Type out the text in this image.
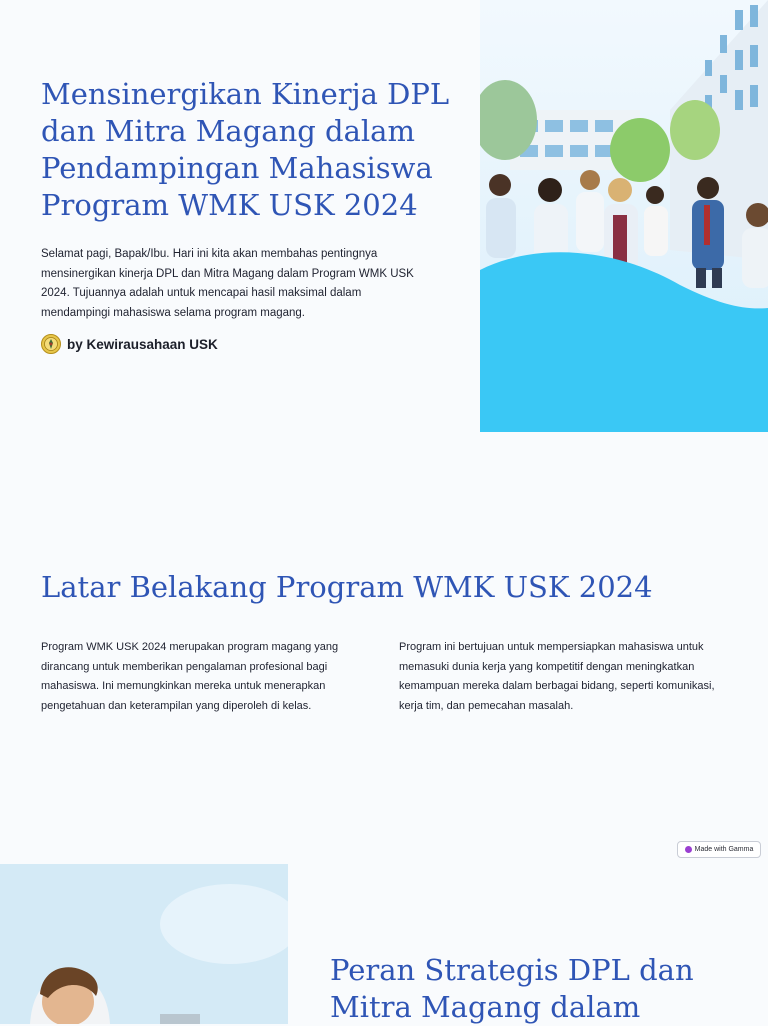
Mensinergikan Kinerja DPL dan Mitra Magang dalam Pendampingan Mahasiswa Program WMK USK 2024

Selamat pagi, Bapak/Ibu. Hari ini kita akan membahas pentingnya mensinergikan kinerja DPL dan Mitra Magang dalam Program WMK USK 2024. Tujuannya adalah untuk mencapai hasil maksimal dalam mendampingi mahasiswa selama program magang.

by Kewirausahaan USK
Latar Belakang Program WMK USK 2024

Program WMK USK 2024 merupakan program magang yang dirancang untuk memberikan pengalaman profesional bagi mahasiswa. Ini memungkinkan mereka untuk menerapkan pengetahuan dan keterampilan yang diperoleh di kelas.

Program ini bertujuan untuk mempersiapkan mahasiswa untuk memasuki dunia kerja yang kompetitif dengan meningkatkan kemampuan mereka dalam berbagai bidang, seperti komunikasi, kerja tim, dan pemecahan masalah.

Made with Gamma
Peran Strategis DPL dan Mitra Magang dalam
